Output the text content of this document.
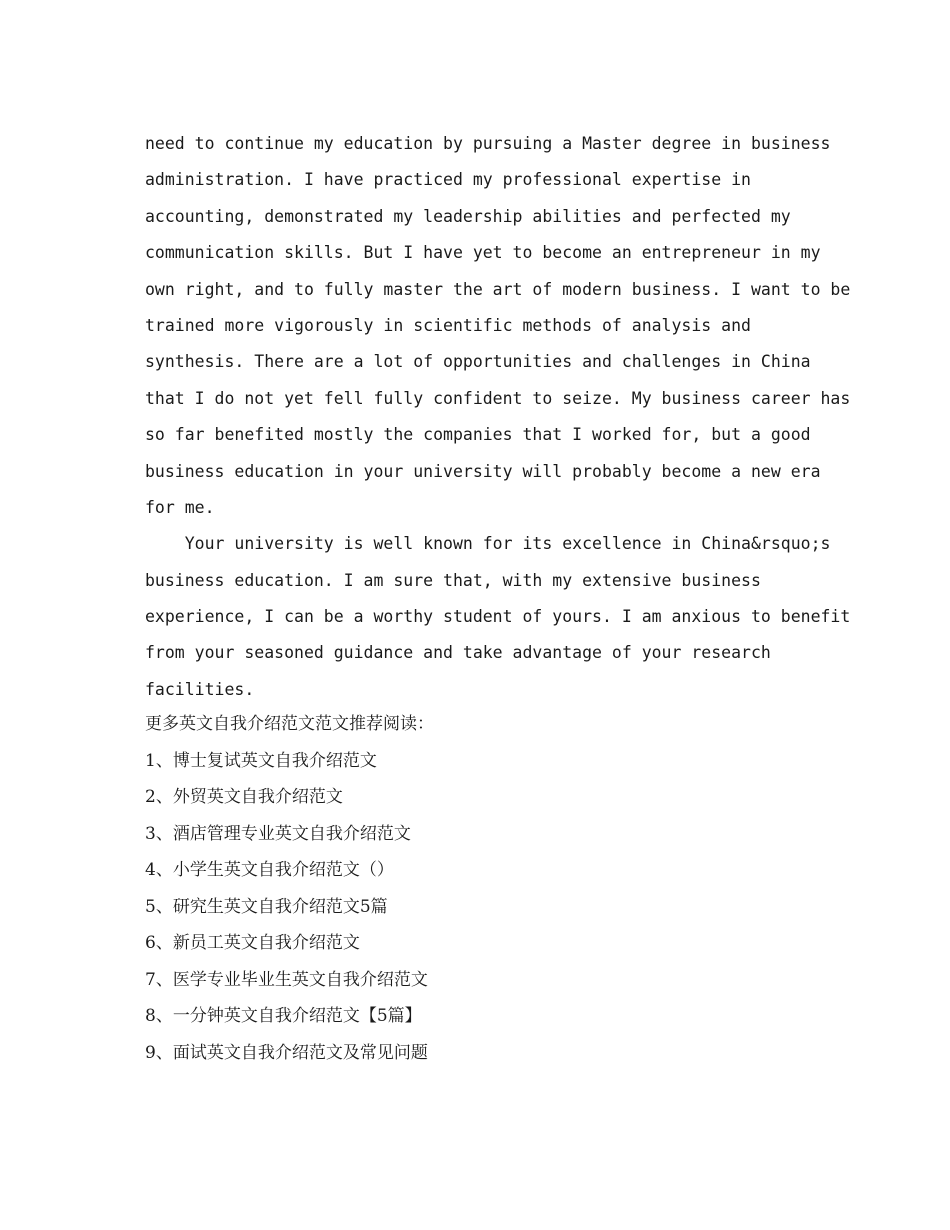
need to continue my education by pursuing a Master degree in business
administration. I have practiced my professional expertise in
accounting, demonstrated my leadership abilities and perfected my
communication skills. But I have yet to become an entrepreneur in my
own right, and to fully master the art of modern business. I want to be
trained more vigorously in scientific methods of analysis and
synthesis. There are a lot of opportunities and challenges in China
that I do not yet fell fully confident to seize. My business career has
so far benefited mostly the companies that I worked for, but a good
business education in your university will probably become a new era
for me.
Your university is well known for its excellence in China&rsquo;s
business education. I am sure that, with my extensive business
experience, I can be a worthy student of yours. I am anxious to benefit
from your seasoned guidance and take advantage of your research
facilities.
更多英文自我介绍范文范文推荐阅读：
1、博士复试英文自我介绍范文
2、外贸英文自我介绍范文
3、酒店管理专业英文自我介绍范文
4、小学生英文自我介绍范文（）
5、研究生英文自我介绍范文5篇
6、新员工英文自我介绍范文
7、医学专业毕业生英文自我介绍范文
8、一分钟英文自我介绍范文【5篇】
9、面试英文自我介绍范文及常见问题
